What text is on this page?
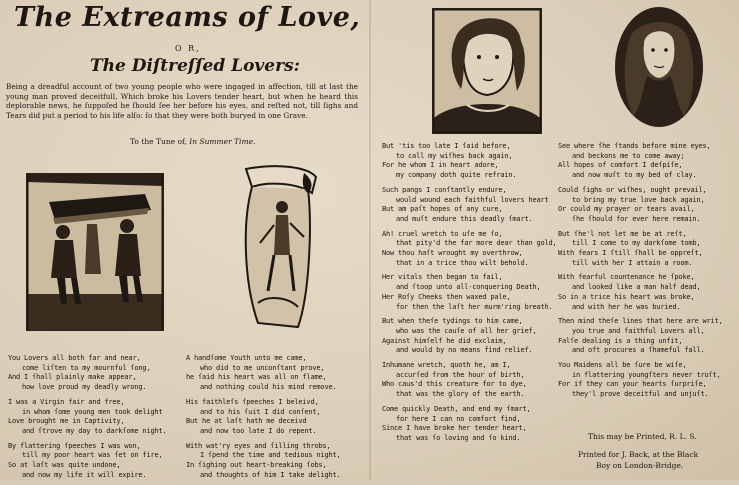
The Extreams of Love,
O R,
The Diſtreſſed Lovers:
Being a dreadful account of two young people who were ingaged in affection, till at last the young man proved deceitfull, Which broke his Lovers tender heart, but when he heard this deplorable news, he ſuppoſed he ſhould ſee her before his eyes, and reſted not, till ſighs and Tears did put a period to his life alſo: ſo that they were both buryed in one Grave.
To the Tune of, In Summer Time.
You Lovers all both far and near,
come liſten to my mournful ſong,
And I ſhall plainly make appear,
how love proud my deadly wrong.
I was a Virgin fair and free,
in whom ſome young men took delight
Love brought me in Captivity,
and ſtrove my day to darkſome night.
By flattering ſpeeches I was won,
till my poor heart was ſet on fire,
So at laſt was quite undone,
and now my life it will expire.
A handſome Youth unto me came,
who did to me unconſtant prove,
he ſaid his heart was all on flame,
and nothing could his mind remove.
His faithleſs ſpeeches I beleivd,
and to his ſuit I did conſent,
But he at laſt hath me deceivd
and now too late I do repent.
With wat'ry eyes and ſilling throbs,
I ſpend the time and tedious night,
In ſighing out heart-breaking ſobs,
and thoughts of him I take delight.
But 'tis too late I ſaid before,
to call my wiſhes back again,
For he whom I in heart adore,
my company doth quite refrain.
Such pangs I conſtantly endure,
would wound each faithful lovers heart
But am paſt hopes of any cure,
and muſt endure this deadly ſmart.
Ah! cruel wretch to uſe me ſo,
that pity'd the far more dear than gold,
Now thou haſt wrought my overthrow,
that in a trice thou wilt behold.
Her vitals then began to fail,
and ſtoop unto all-conquering Death,
Her Roſy Cheeks then waxed pale,
for then the laſt her murm'ring breath.
But when theſe tydings to him came,
who was the cauſe of all her grief,
Against himſelf he did exclaim,
and would by no means find relief.
Inhumane wretch, quoth he, am I,
accurſed from the hour of birth,
Who caus'd this creature for to dye,
that was the glory of the earth.
Come quickly Death, and end my ſmart,
for here I can no comfort find,
Since I have broke her tender heart,
that was ſo loving and ſo kind.
See where ſhe ſtands before mine eyes,
and beckons me to come away;
All hopes of comfort I deſpiſe,
and now muſt to my bed of clay.
Could ſighs or wiſhes, ought prevail,
to bring my true love back again,
Or could my prayer or tears avail,
ſhe ſhould for ever here remain.
But ſhe'l not let me be at reſt,
till I come to my darkſome tomb,
With fears I ſtill ſhall be oppreſt,
till with her I attain a room.
With fearful countenance he ſpoke,
and looked like a man half dead,
So in a trice his heart was broke,
and with her he was buried.
Then mind theſe lines that here are writ,
you true and faithful Lovers all,
Falſe dealing is a thing unfit,
and oft procures a ſhameful fall.
You Maidens all be ſure be wiſe,
in flattering youngſters never truſt,
For if they can your hearts ſurpriſe,
they'l prove deceitful and unjuſt.
This may be Printed, R. L. S.
Printed for J. Back, at the Black
Boy on London-Bridge.
